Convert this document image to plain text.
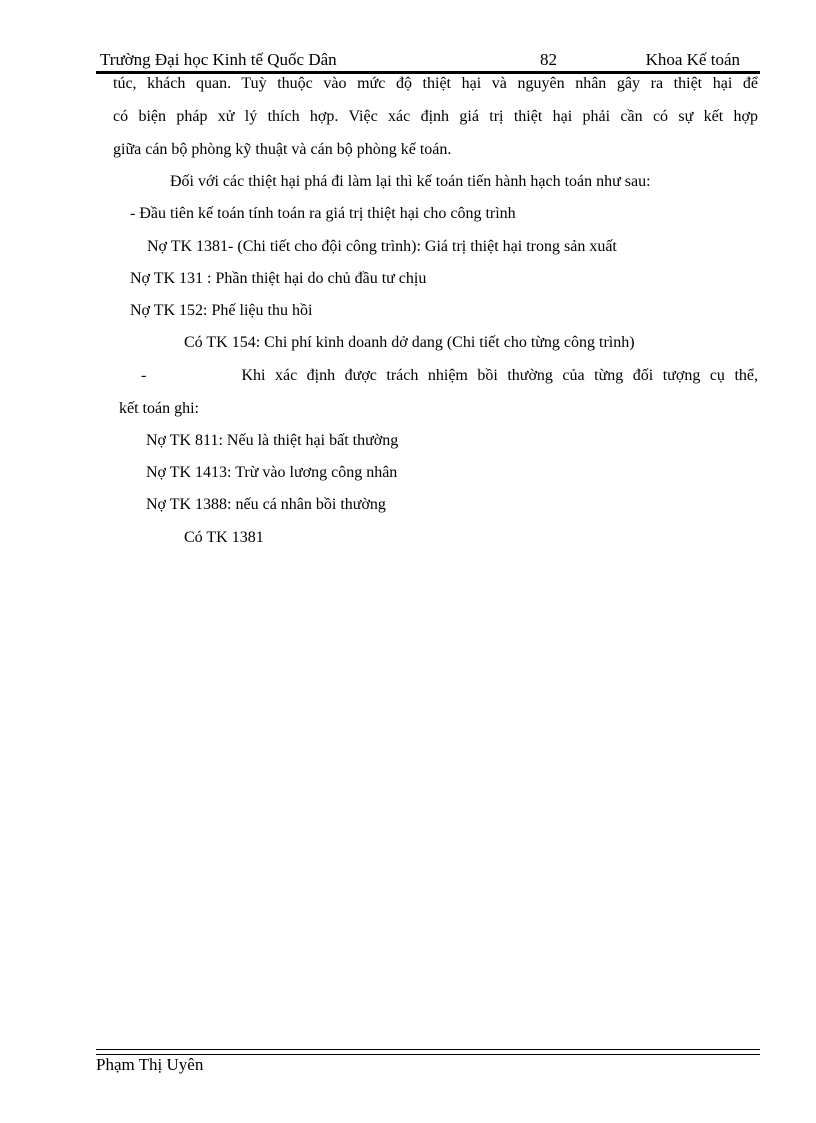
Trường Đại học Kinh tế Quốc Dân	82	Khoa Kế toán
túc, khách quan. Tuỳ thuộc vào mức độ thiệt hại và nguyên nhân gây ra thiệt hại để
có biện pháp xử lý thích hợp. Việc xác định giá trị thiệt hại phải cần có sự kết hợp
giữa cán bộ phòng kỹ thuật và cán bộ phòng kế toán.
Đối với các thiệt hại phá đi làm lại thì kế toán tiến hành hạch toán như sau:
- Đầu tiên kế toán tính toán ra giá trị thiệt hại cho công trình
Nợ TK 1381- (Chi tiết cho đội công trình): Giá trị thiệt hại trong sản xuất
Nợ TK 131 : Phần thiệt hại do chủ đầu tư chịu
Nợ TK 152: Phế liệu thu hồi
Có TK 154: Chi phí kinh doanh dở dang (Chi tiết cho từng công trình)
-          Khi xác định được trách nhiệm bồi thường của từng đối tượng cụ thể,
kết toán ghi:
Nợ TK 811: Nếu là thiệt hại bất thường
Nợ TK 1413: Trừ vào lương công nhân
Nợ TK 1388: nếu cá nhân bồi thường
Có TK 1381
Phạm Thị Uyên
